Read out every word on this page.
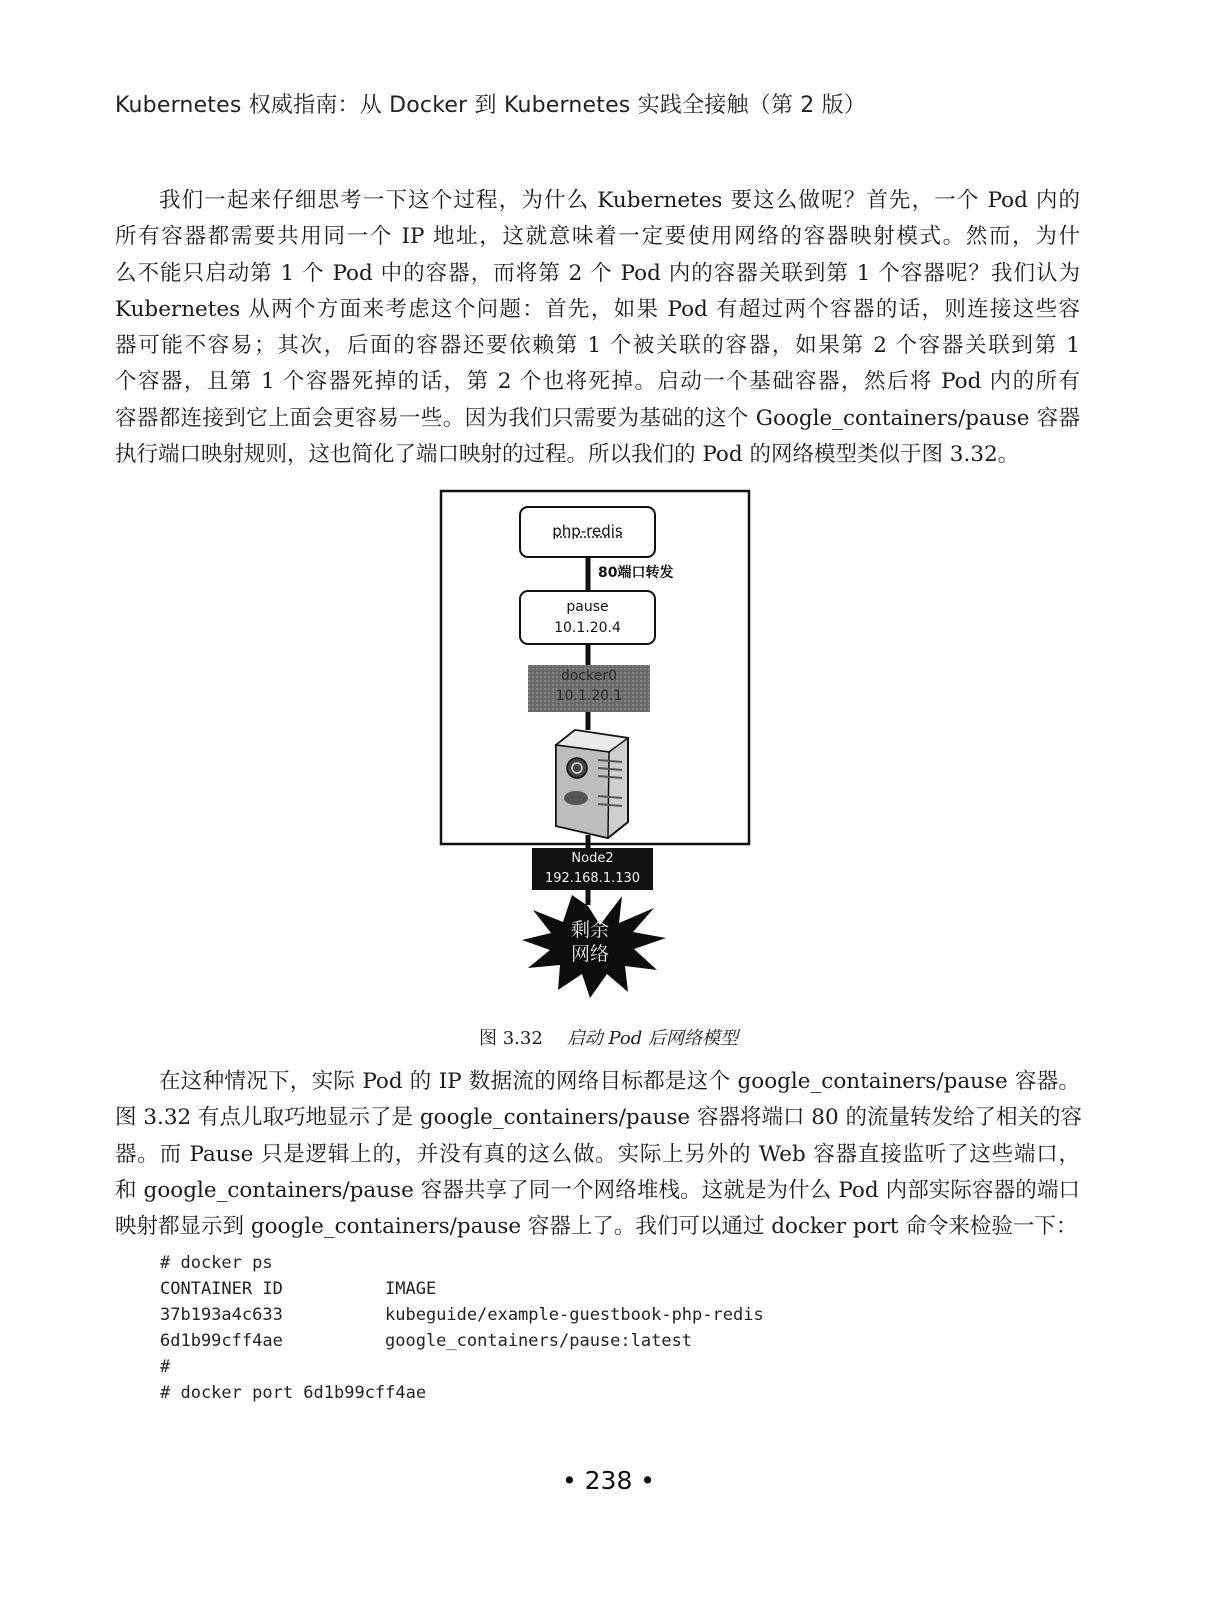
Kubernetes 权威指南：从 Docker 到 Kubernetes 实践全接触（第 2 版）
我们一起来仔细思考一下这个过程，为什么 Kubernetes 要这么做呢？首先，一个 Pod 内的
所有容器都需要共用同一个 IP 地址，这就意味着一定要使用网络的容器映射模式。然而，为什
么不能只启动第 1 个 Pod 中的容器，而将第 2 个 Pod 内的容器关联到第 1 个容器呢？我们认为
Kubernetes 从两个方面来考虑这个问题：首先，如果 Pod 有超过两个容器的话，则连接这些容
器可能不容易；其次，后面的容器还要依赖第 1 个被关联的容器，如果第 2 个容器关联到第 1
个容器，且第 1 个容器死掉的话，第 2 个也将死掉。启动一个基础容器，然后将 Pod 内的所有
容器都连接到它上面会更容易一些。因为我们只需要为基础的这个 Google_containers/pause 容器
执行端口映射规则，这也简化了端口映射的过程。所以我们的 Pod 的网络模型类似于图 3.32。
php-redis
80端口转发
pause
10.1.20.4
docker0
10.1.20.1
Node2
192.168.1.130
剩余
网络
图 3.32 启动 Pod 后网络模型
在这种情况下，实际 Pod 的 IP 数据流的网络目标都是这个 google_containers/pause 容器。
图 3.32 有点儿取巧地显示了是 google_containers/pause 容器将端口 80 的流量转发给了相关的容
器。而 Pause 只是逻辑上的，并没有真的这么做。实际上另外的 Web 容器直接监听了这些端口，
和 google_containers/pause 容器共享了同一个网络堆栈。这就是为什么 Pod 内部实际容器的端口
映射都显示到 google_containers/pause 容器上了。我们可以通过 docker port 命令来检验一下：
# docker ps
CONTAINER ID	IMAGE
37b193a4c633	kubeguide/example-guestbook-php-redis
6d1b99cff4ae	google_containers/pause:latest
#
# docker port 6d1b99cff4ae
• 238 •
